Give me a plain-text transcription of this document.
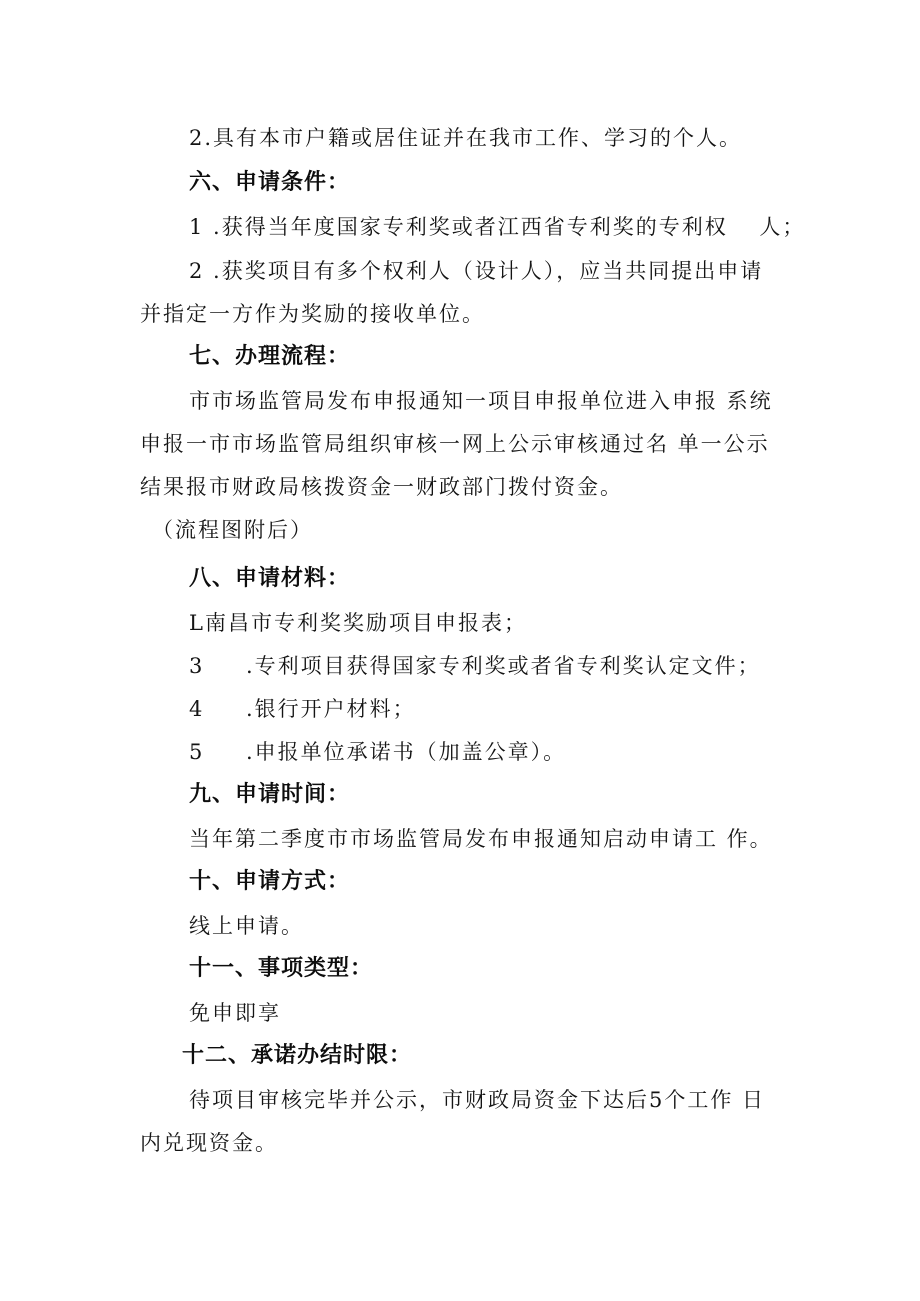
2.具有本市户籍或居住证并在我市工作、学习的个人。
六、申请条件：
1 .获得当年度国家专利奖或者江西省专利奖的专利权　 人；
2 .获奖项目有多个权利人（设计人），应当共同提出申请
并指定一方作为奖励的接收单位。
七、办理流程：
市市场监管局发布申报通知一项目申报单位进入申报 系统
申报一市市场监管局组织审核一网上公示审核通过名 单一公示
结果报市财政局核拨资金一财政部门拨付资金。
（流程图附后）
八、申请材料：
L南昌市专利奖奖励项目申报表；
3 .专利项目获得国家专利奖或者省专利奖认定文件；
4 .银行开户材料；
5 .申报单位承诺书（加盖公章）。
九、申请时间：
当年第二季度市市场监管局发布申报通知启动申请工 作。
十、申请方式：
线上申请。
十一、事项类型：
免申即享
十二、承诺办结时限：
待项目审核完毕并公示，市财政局资金下达后5个工作 日
内兑现资金。
